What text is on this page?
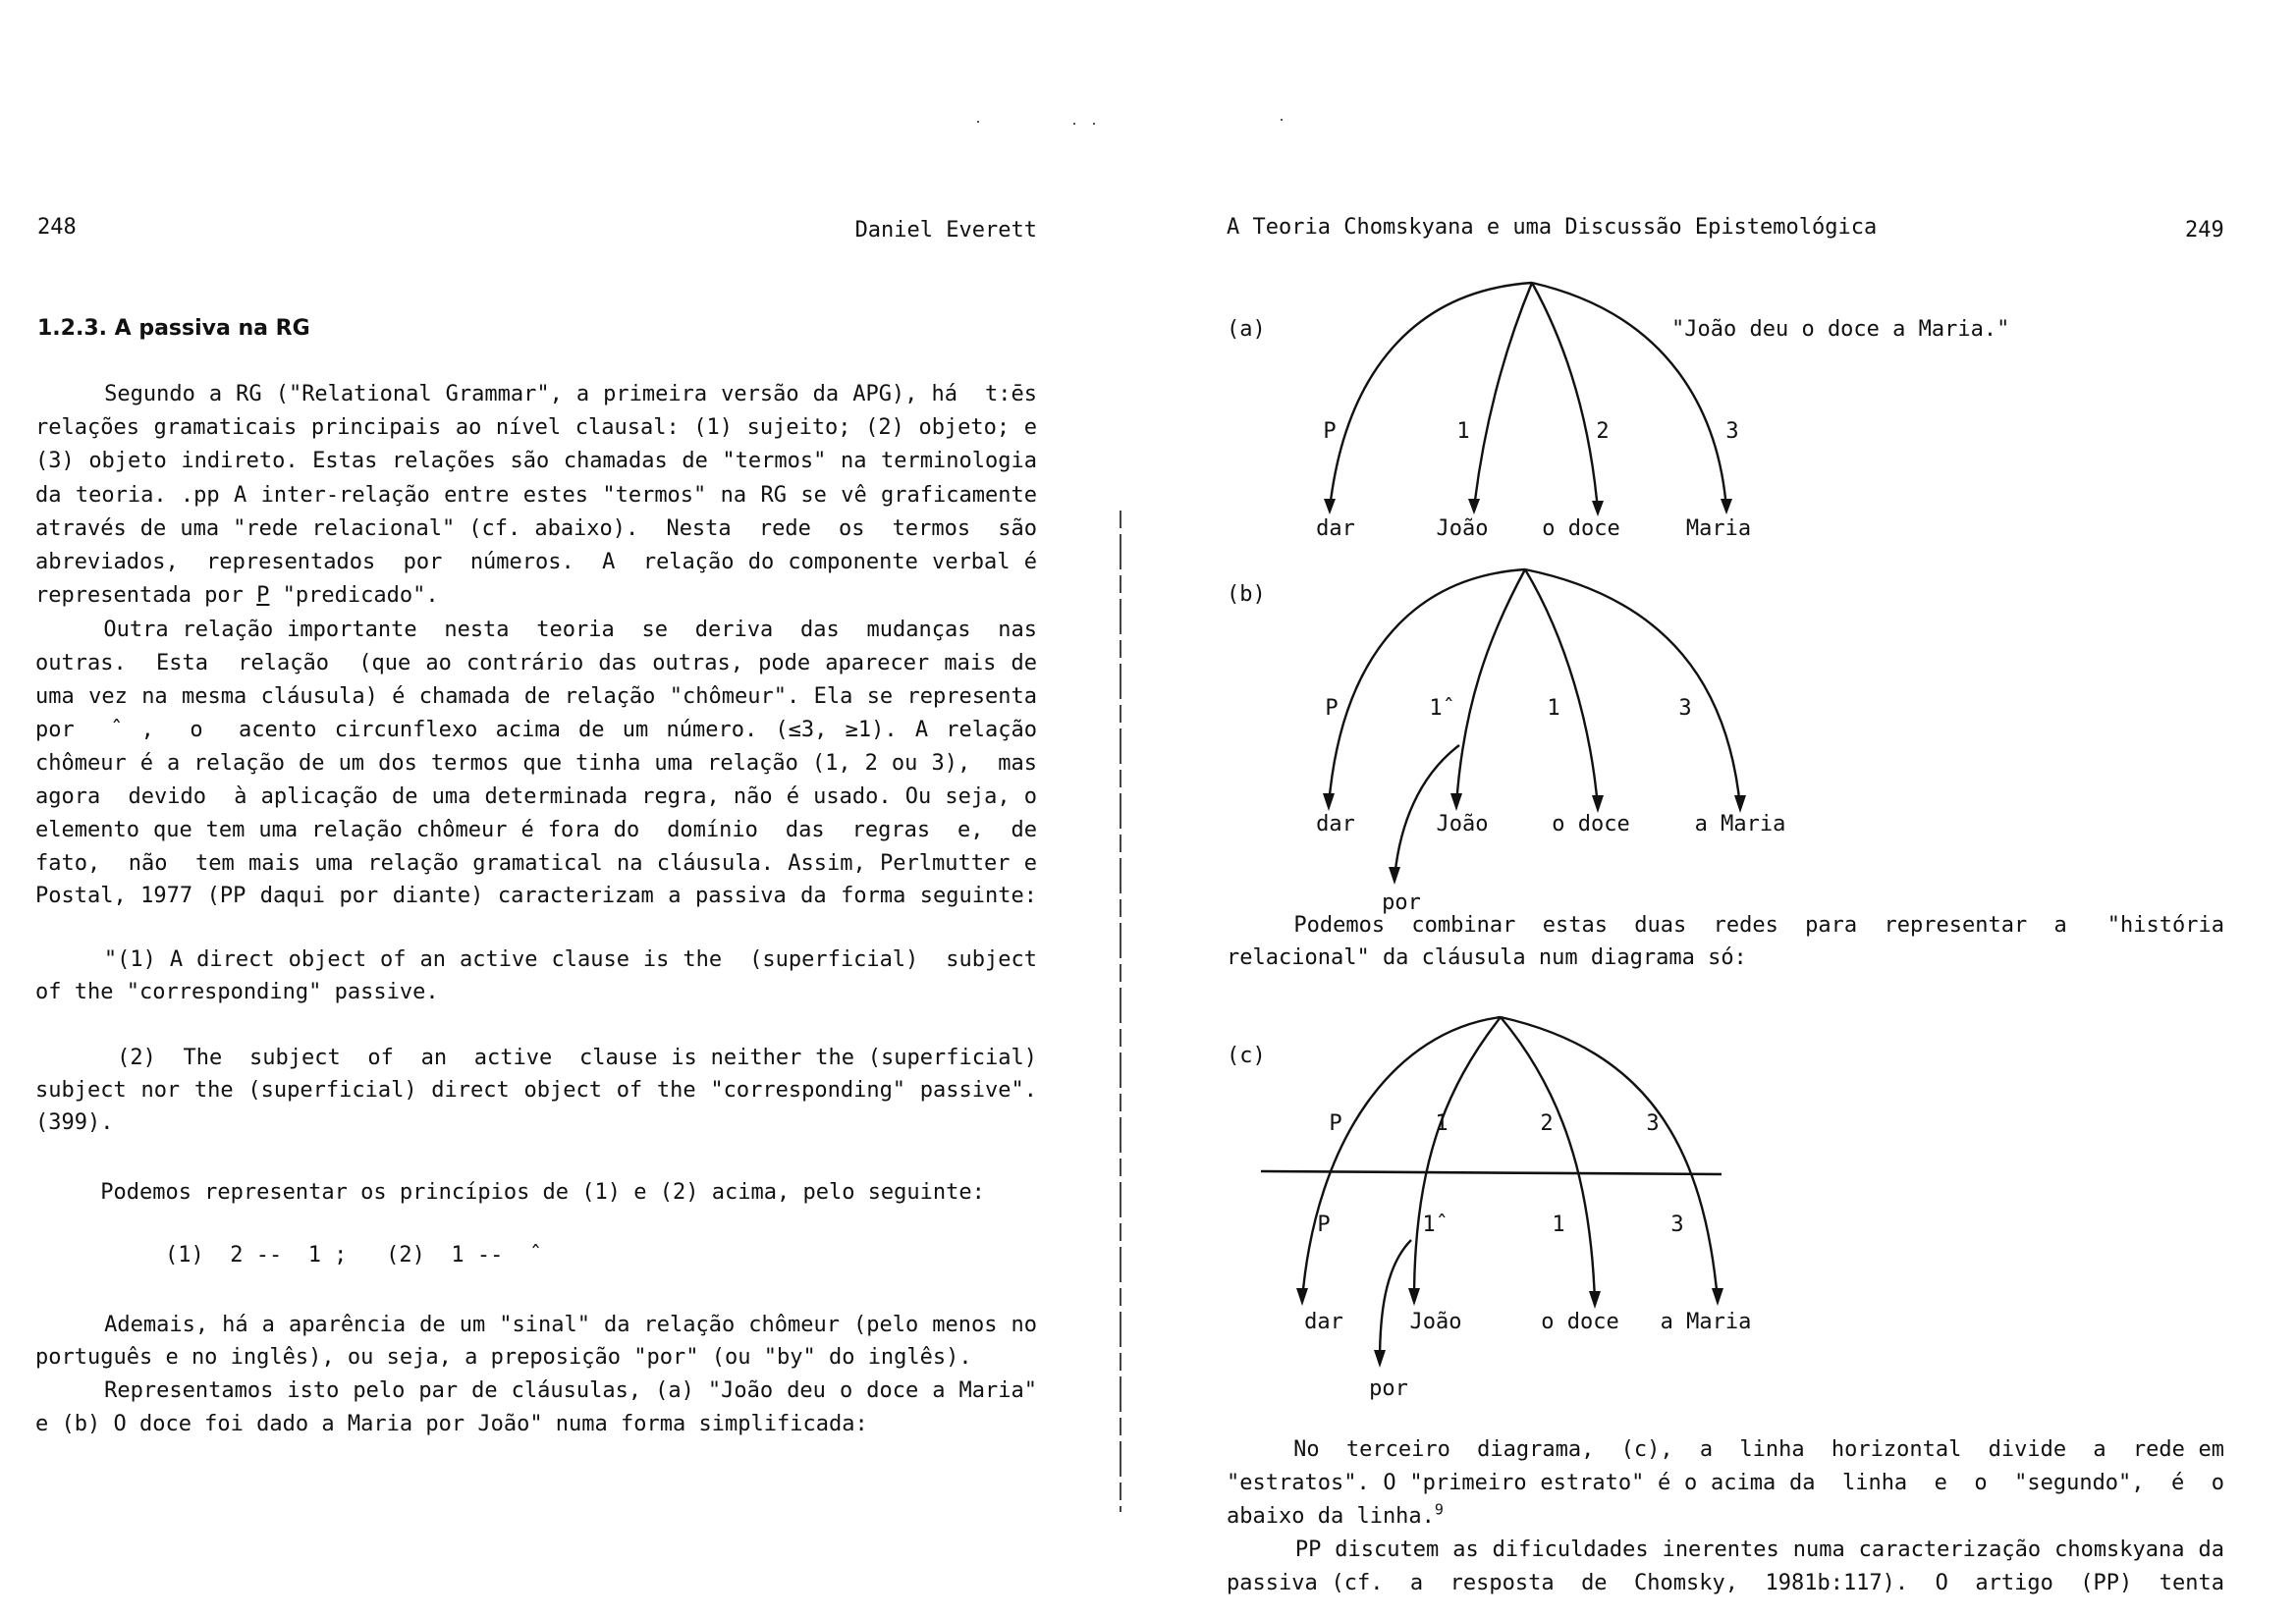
248	Daniel Everett
1.2.3. A passiva na RG
Segundo a RG ("Relational Grammar", a primeira versão da APG), há  t:ēs
relações gramaticais principais ao nível clausal: (1) sujeito; (2) objeto; e
(3) objeto indireto. Estas relações são chamadas de "termos" na terminologia
da teoria. .pp A inter-relação entre estes "termos" na RG se vê graficamente
através de uma "rede relacional" (cf. abaixo).  Nesta  rede  os  termos  são
abreviados,  representados  por  números.  A  relação do componente verbal é
representada por P "predicado".
Outra relação importante  nesta  teoria  se  deriva  das  mudanças  nas
outras.  Esta  relação  (que ao contrário das outras, pode aparecer mais de
uma vez na mesma cláusula) é chamada de relação "chômeur". Ela se representa
por  ˆ ,  o  acento circunflexo acima de um número. (≤3, ≥1). A relação
chômeur é a relação de um dos termos que tinha uma relação (1, 2 ou 3),  mas
agora  devido  à aplicação de uma determinada regra, não é usado. Ou seja, o
elemento que tem uma relação chômeur é fora do  domínio  das  regras  e,  de
fato,  não  tem mais uma relação gramatical na cláusula. Assim, Perlmutter e
Postal, 1977 (PP daqui por diante) caracterizam a passiva da forma seguinte:
"(1) A direct object of an active clause is the  (superficial)  subject
of the "corresponding" passive.
(2)  The  subject  of  an  active  clause is neither the (superficial)
subject nor the (superficial) direct object of the "corresponding" passive".
(399).
Podemos representar os princípios de (1) e (2) acima, pelo seguinte:
(1)  2 --  1 ;   (2)  1 --  ˆ
Ademais, há a aparência de um "sinal" da relação chômeur (pelo menos no
português e no inglês), ou seja, a preposição "por" (ou "by" do inglês).
Representamos isto pelo par de cláusulas, (a) "João deu o doce a Maria"
e (b) O doce foi dado a Maria por João" numa forma simplificada:
A Teoria Chomskyana e uma Discussão Epistemológica	249
Podemos  combinar  estas  duas  redes  para  representar  a   "história
relacional" da cláusula num diagrama só:
No  terceiro  diagrama,  (c),  a  linha  horizontal  divide  a  rede em
"estratos". O "primeiro estrato" é o acima da  linha  e  o  "segundo",  é  o
abaixo da linha.$^9$
PP discutem as dificuldades inerentes numa caracterização chomskyana da
passiva (cf.  a  resposta  de  Chomsky,  1981b:117).  O  artigo  (PP)  tenta
(a)	"João deu o doce a Maria."
P	1	2	3
dar	João o doce	Maria
(b)
P	1̂	1	3
dar	João	o doce	a Maria
por
(c)
P	1	2	3
P	1̂	1	3
dar	João	o doce a Maria
por
